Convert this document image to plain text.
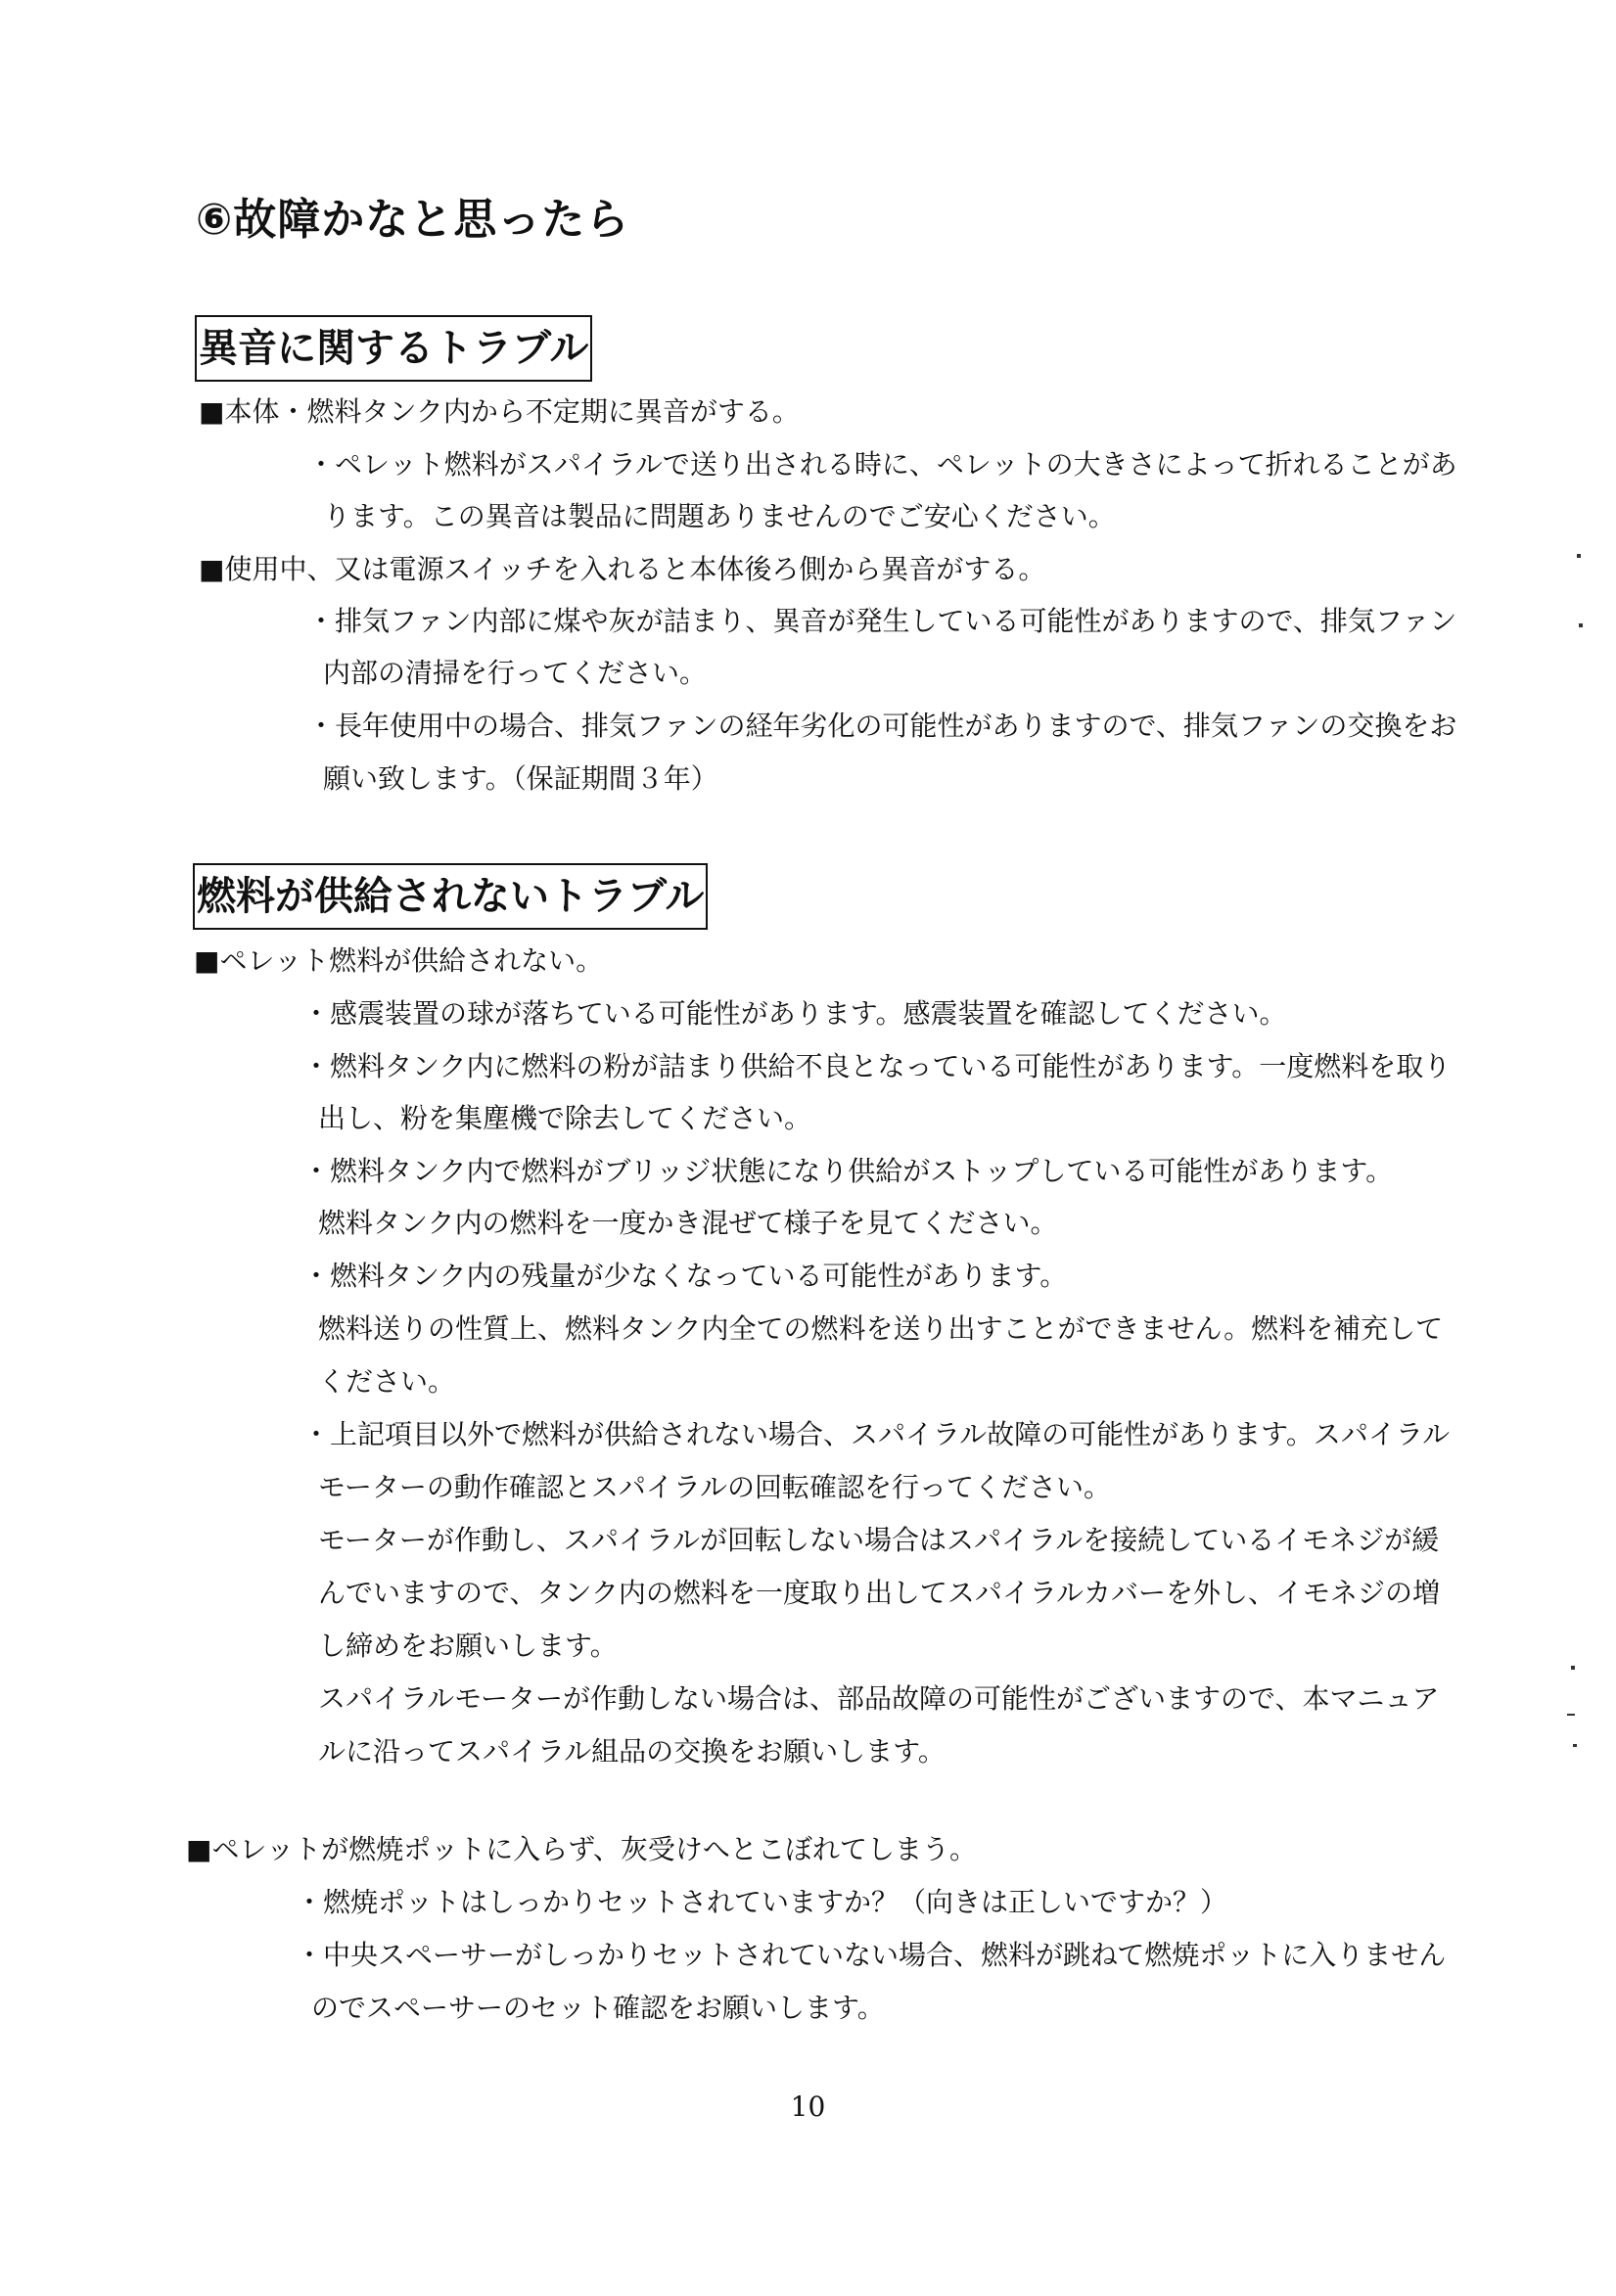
⑥故障かなと思ったら
異音に関するトラブル
■本体・燃料タンク内から不定期に異音がする。
・ペレット燃料がスパイラルで送り出される時に、ペレットの大きさによって折れることがあ
ります。この異音は製品に問題ありませんのでご安心ください。
■使用中、又は電源スイッチを入れると本体後ろ側から異音がする。
・排気ファン内部に煤や灰が詰まり、異音が発生している可能性がありますので、排気ファン
内部の清掃を行ってください。
・長年使用中の場合、排気ファンの経年劣化の可能性がありますので、排気ファンの交換をお
願い致します。（保証期間３年）
燃料が供給されないトラブル
■ペレット燃料が供給されない。
・感震装置の球が落ちている可能性があります。感震装置を確認してください。
・燃料タンク内に燃料の粉が詰まり供給不良となっている可能性があります。一度燃料を取り
出し、粉を集塵機で除去してください。
・燃料タンク内で燃料がブリッジ状態になり供給がストップしている可能性があります。
燃料タンク内の燃料を一度かき混ぜて様子を見てください。
・燃料タンク内の残量が少なくなっている可能性があります。
燃料送りの性質上、燃料タンク内全ての燃料を送り出すことができません。燃料を補充して
ください。
・上記項目以外で燃料が供給されない場合、スパイラル故障の可能性があります。スパイラル
モーターの動作確認とスパイラルの回転確認を行ってください。
モーターが作動し、スパイラルが回転しない場合はスパイラルを接続しているイモネジが緩
んでいますので、タンク内の燃料を一度取り出してスパイラルカバーを外し、イモネジの増
し締めをお願いします。
スパイラルモーターが作動しない場合は、部品故障の可能性がございますので、本マニュア
ルに沿ってスパイラル組品の交換をお願いします。
■ペレットが燃焼ポットに入らず、灰受けへとこぼれてしまう。
・燃焼ポットはしっかりセットされていますか？（向きは正しいですか？）
・中央スペーサーがしっかりセットされていない場合、燃料が跳ねて燃焼ポットに入りません
のでスペーサーのセット確認をお願いします。
10
